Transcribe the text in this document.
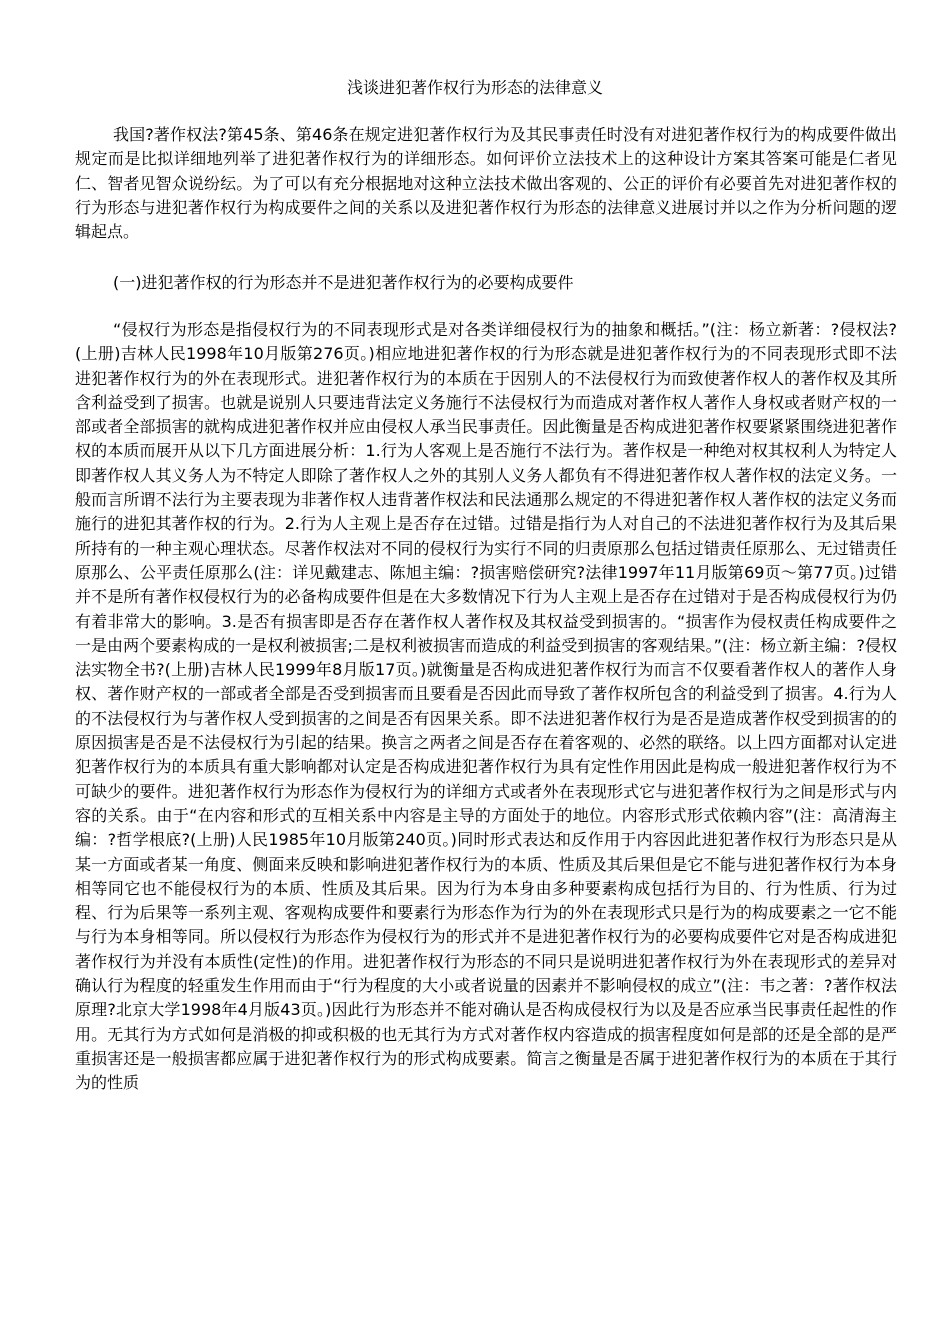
浅谈进犯著作权行为形态的法律意义

我国?著作权法?第45条、第46条在规定进犯著作权行为及其民事责任时没有对进犯著作权行为的构成要件做出规定而是比拟详细地列举了进犯著作权行为的详细形态。如何评价立法技术上的这种设计方案其答案可能是仁者见仁、智者见智众说纷纭。为了可以有充分根据地对这种立法技术做出客观的、公正的评价有必要首先对进犯著作权的行为形态与进犯著作权行为构成要件之间的关系以及进犯著作权行为形态的法律意义进展讨并以之作为分析问题的逻辑起点。

(一)进犯著作权的行为形态并不是进犯著作权行为的必要构成要件

“侵权行为形态是指侵权行为的不同表现形式是对各类详细侵权行为的抽象和概括。”(注：杨立新著：?侵权法?(上册)吉林人民1998年10月版第276页。)相应地进犯著作权的行为形态就是进犯著作权行为的不同表现形式即不法进犯著作权行为的外在表现形式。进犯著作权行为的本质在于因别人的不法侵权行为而致使著作权人的著作权及其所含利益受到了损害。也就是说别人只要违背法定义务施行不法侵权行为而造成对著作权人著作人身权或者财产权的一部或者全部损害的就构成进犯著作权并应由侵权人承当民事责任。因此衡量是否构成进犯著作权要紧紧围绕进犯著作权的本质而展开从以下几方面进展分析：1.行为人客观上是否施行不法行为。著作权是一种绝对权其权利人为特定人即著作权人其义务人为不特定人即除了著作权人之外的其别人义务人都负有不得进犯著作权人著作权的法定义务。一般而言所谓不法行为主要表现为非著作权人违背著作权法和民法通那么规定的不得进犯著作权人著作权的法定义务而施行的进犯其著作权的行为。2.行为人主观上是否存在过错。过错是指行为人对自己的不法进犯著作权行为及其后果所持有的一种主观心理状态。尽著作权法对不同的侵权行为实行不同的归责原那么包括过错责任原那么、无过错责任原那么、公平责任原那么(注：详见戴建志、陈旭主编：?损害赔偿研究?法律1997年11月版第69页～第77页。)过错并不是所有著作权侵权行为的必备构成要件但是在大多数情况下行为人主观上是否存在过错对于是否构成侵权行为仍有着非常大的影响。3.是否有损害即是否存在著作权人著作权及其权益受到损害的。“损害作为侵权责任构成要件之一是由两个要素构成的一是权利被损害;二是权利被损害而造成的利益受到损害的客观结果。”(注：杨立新主编：?侵权法实物全书?(上册)吉林人民1999年8月版17页。)就衡量是否构成进犯著作权行为而言不仅要看著作权人的著作人身权、著作财产权的一部或者全部是否受到损害而且要看是否因此而导致了著作权所包含的利益受到了损害。4.行为人的不法侵权行为与著作权人受到损害的之间是否有因果关系。即不法进犯著作权行为是否是造成著作权受到损害的的原因损害是否是不法侵权行为引起的结果。换言之两者之间是否存在着客观的、必然的联络。以上四方面都对认定进犯著作权行为的本质具有重大影响都对认定是否构成进犯著作权行为具有定性作用因此是构成一般进犯著作权行为不可缺少的要件。进犯著作权行为形态作为侵权行为的详细方式或者外在表现形式它与进犯著作权行为之间是形式与内容的关系。由于“在内容和形式的互相关系中内容是主导的方面处于的地位。内容形式形式依赖内容”(注：高清海主编：?哲学根底?(上册)人民1985年10月版第240页。)同时形式表达和反作用于内容因此进犯著作权行为形态只是从某一方面或者某一角度、侧面来反映和影响进犯著作权行为的本质、性质及其后果但是它不能与进犯著作权行为本身相等同它也不能侵权行为的本质、性质及其后果。因为行为本身由多种要素构成包括行为目的、行为性质、行为过程、行为后果等一系列主观、客观构成要件和要素行为形态作为行为的外在表现形式只是行为的构成要素之一它不能与行为本身相等同。所以侵权行为形态作为侵权行为的形式并不是进犯著作权行为的必要构成要件它对是否构成进犯著作权行为并没有本质性(定性)的作用。进犯著作权行为形态的不同只是说明进犯著作权行为外在表现形式的差异对确认行为程度的轻重发生作用而由于“行为程度的大小或者说量的因素并不影响侵权的成立”(注：韦之著：?著作权法原理?北京大学1998年4月版43页。)因此行为形态并不能对确认是否构成侵权行为以及是否应承当民事责任起性的作用。无其行为方式如何是消极的抑或积极的也无其行为方式对著作权内容造成的损害程度如何是部的还是全部的是严重损害还是一般损害都应属于进犯著作权行为的形式构成要素。简言之衡量是否属于进犯著作权行为的本质在于其行为的性质
